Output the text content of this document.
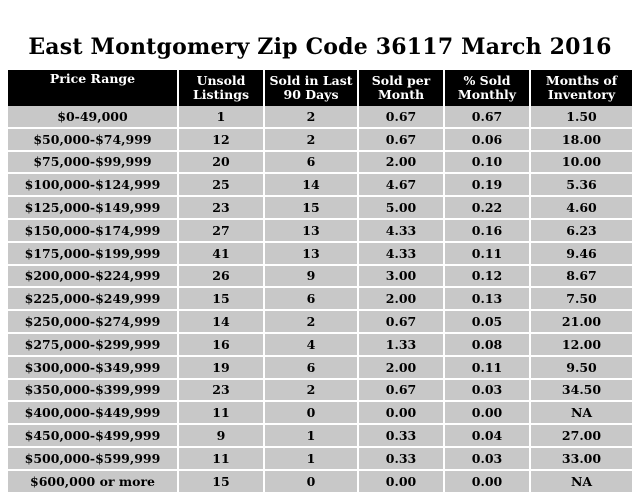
East Montgomery Zip Code 36117 March 2016
Price Range	Unsold Listings	Sold in Last 90 Days	Sold per Month	% Sold Monthly	Months of Inventory
$0-49,000	1	2	0.67	0.67	1.50
$50,000-$74,999	12	2	0.67	0.06	18.00
$75,000-$99,999	20	6	2.00	0.10	10.00
$100,000-$124,999	25	14	4.67	0.19	5.36
$125,000-$149,999	23	15	5.00	0.22	4.60
$150,000-$174,999	27	13	4.33	0.16	6.23
$175,000-$199,999	41	13	4.33	0.11	9.46
$200,000-$224,999	26	9	3.00	0.12	8.67
$225,000-$249,999	15	6	2.00	0.13	7.50
$250,000-$274,999	14	2	0.67	0.05	21.00
$275,000-$299,999	16	4	1.33	0.08	12.00
$300,000-$349,999	19	6	2.00	0.11	9.50
$350,000-$399,999	23	2	0.67	0.03	34.50
$400,000-$449,999	11	0	0.00	0.00	NA
$450,000-$499,999	9	1	0.33	0.04	27.00
$500,000-$599,999	11	1	0.33	0.03	33.00
$600,000 or more	15	0	0.00	0.00	NA
